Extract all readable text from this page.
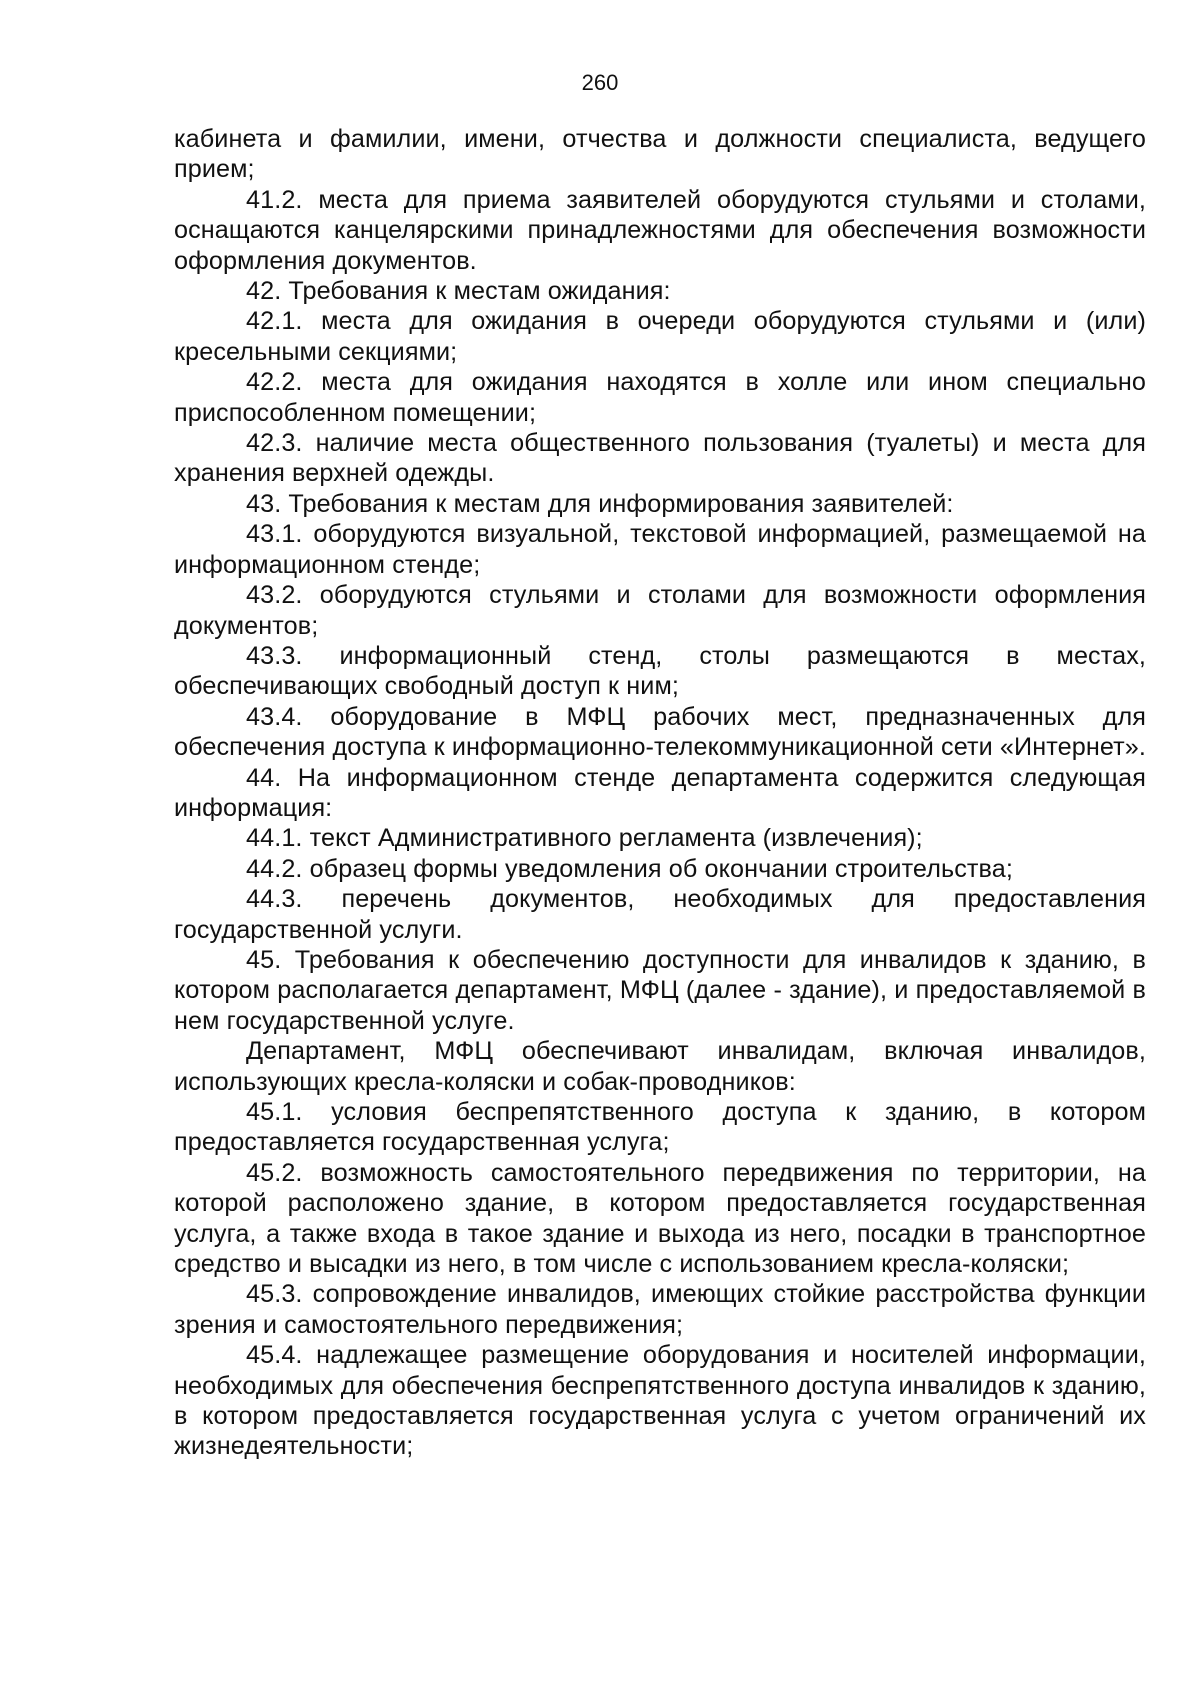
260

кабинета и фамилии, имени, отчества и должности специалиста, ведущего прием;

41.2. места для приема заявителей оборудуются стульями и столами, оснащаются канцелярскими принадлежностями для обеспечения возможности оформления документов.

42. Требования к местам ожидания:

42.1. места для ожидания в очереди оборудуются стульями и (или) кресельными секциями;

42.2. места для ожидания находятся в холле или ином специально приспособленном помещении;

42.3. наличие места общественного пользования (туалеты) и места для хранения верхней одежды.

43. Требования к местам для информирования заявителей:

43.1. оборудуются визуальной, текстовой информацией, размещаемой на информационном стенде;

43.2. оборудуются стульями и столами для возможности оформления документов;

43.3. информационный стенд, столы размещаются в местах, обеспечивающих свободный доступ к ним;

43.4. оборудование в МФЦ рабочих мест, предназначенных для обеспечения доступа к информационно-телекоммуникационной сети «Интернет».

44. На информационном стенде департамента содержится следующая информация:

44.1. текст Административного регламента (извлечения);

44.2. образец формы уведомления об окончании строительства;

44.3. перечень документов, необходимых для предоставления государственной услуги.

45. Требования к обеспечению доступности для инвалидов к зданию, в котором располагается департамент, МФЦ (далее - здание), и предоставляемой в нем государственной услуге.

Департамент, МФЦ обеспечивают инвалидам, включая инвалидов, использующих кресла-коляски и собак-проводников:

45.1. условия беспрепятственного доступа к зданию, в котором предоставляется государственная услуга;

45.2. возможность самостоятельного передвижения по территории, на которой расположено здание, в котором предоставляется государственная услуга, а также входа в такое здание и выхода из него, посадки в транспортное средство и высадки из него, в том числе с использованием кресла-коляски;

45.3. сопровождение инвалидов, имеющих стойкие расстройства функции зрения и самостоятельного передвижения;

45.4. надлежащее размещение оборудования и носителей информации, необходимых для обеспечения беспрепятственного доступа инвалидов к зданию, в котором предоставляется государственная услуга с учетом ограничений их жизнедеятельности;
